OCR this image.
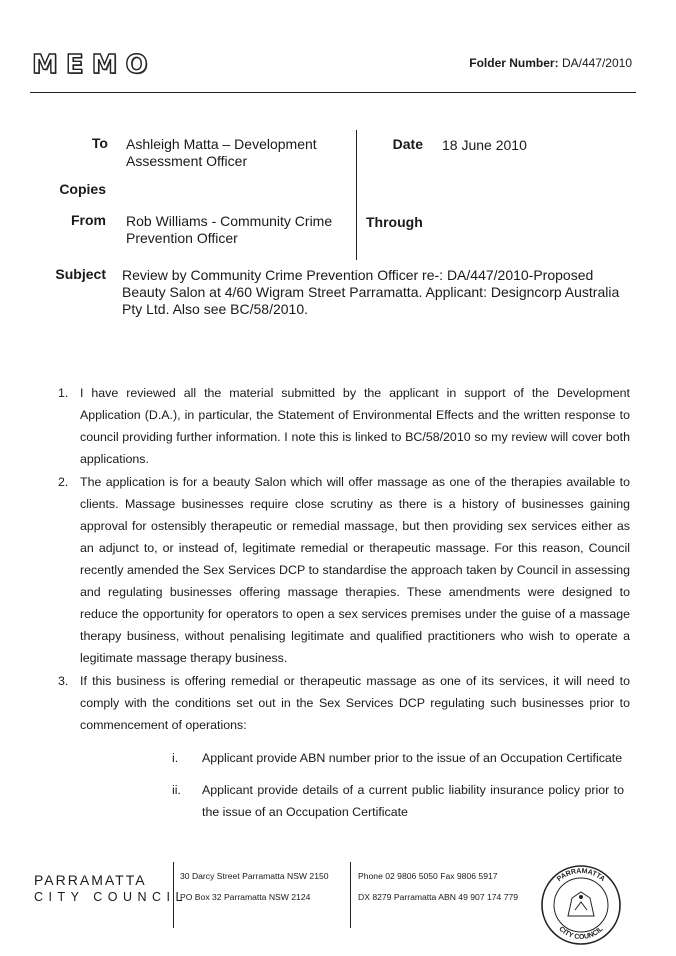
MEMO	Folder Number: DA/447/2010
To Ashleigh Matta – Development
Assessment Officer
Date 18 June 2010
Copies
From Rob Williams - Community Crime
Prevention Officer
Through
Subject Review by Community Crime Prevention Officer re-: DA/447/2010-Proposed
Beauty Salon at 4/60 Wigram Street Parramatta. Applicant: Designcorp Australia
Pty Ltd. Also see BC/58/2010.

1. I have reviewed all the material submitted by the applicant in support of the Development Application (D.A.), in particular, the Statement of Environmental Effects and the written response to council providing further information. I note this is linked to BC/58/2010 so my review will cover both applications.

2. The application is for a beauty Salon which will offer massage as one of the therapies available to clients. Massage businesses require close scrutiny as there is a history of businesses gaining approval for ostensibly therapeutic or remedial massage, but then providing sex services either as an adjunct to, or instead of, legitimate remedial or therapeutic massage. For this reason, Council recently amended the Sex Services DCP to standardise the approach taken by Council in assessing and regulating businesses offering massage therapies. These amendments were designed to reduce the opportunity for operators to open a sex services premises under the guise of a massage therapy business, without penalising legitimate and qualified practitioners who wish to operate a legitimate massage therapy business.

3. If this business is offering remedial or therapeutic massage as one of its services, it will need to comply with the conditions set out in the Sex Services DCP regulating such businesses prior to commencement of operations:

i. Applicant provide ABN number prior to the issue of an Occupation Certificate
ii. Applicant provide details of a current public liability insurance policy prior to the issue of an Occupation Certificate
PARRAMATTA
CITY COUNCIL
30 Darcy Street Parramatta NSW 2150
PO Box 32 Parramatta NSW 2124
Phone 02 9806 5050 Fax 9806 5917
DX 8279 Parramatta ABN 49 907 174 779
PARRAMATTA
CITY COUNCIL
